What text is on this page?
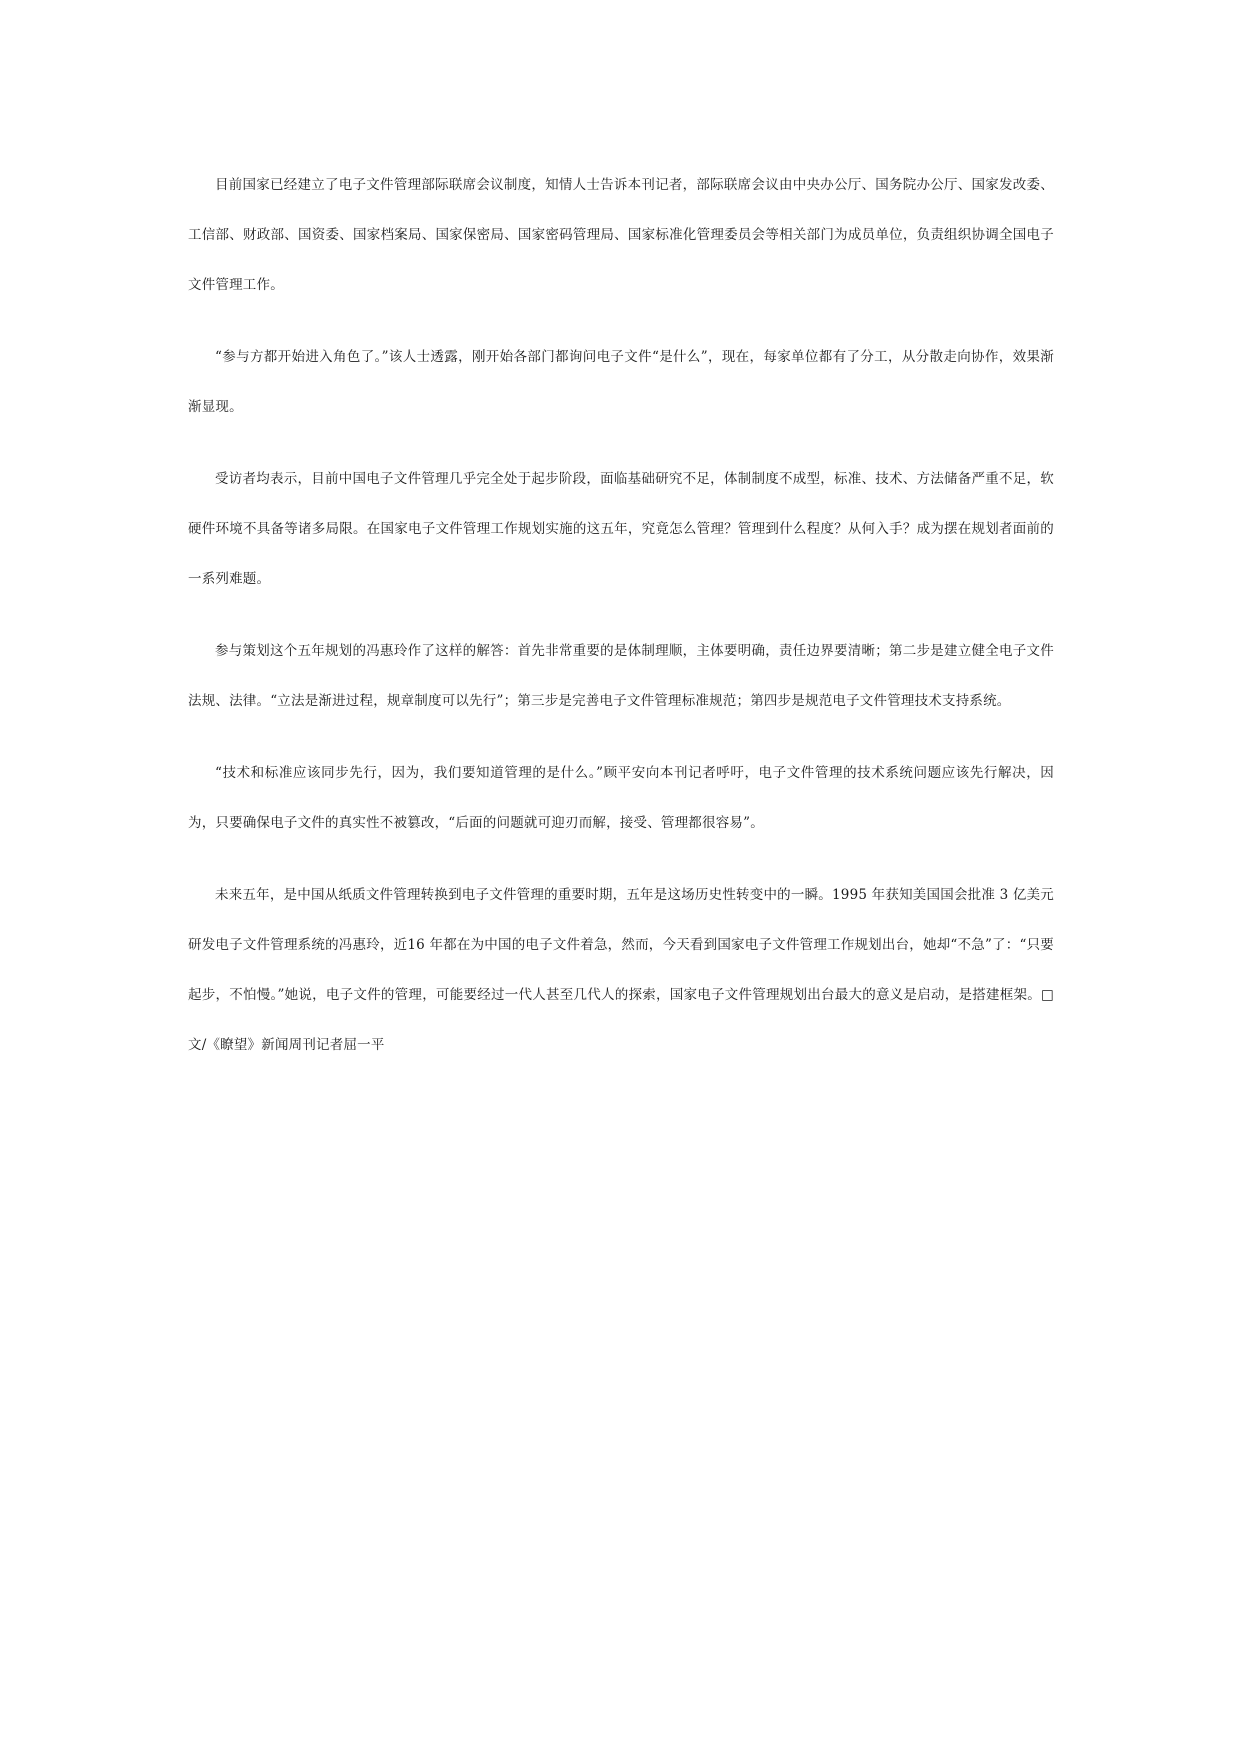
目前国家已经建立了电子文件管理部际联席会议制度，知情人士告诉本刊记者，部际联席会议由中央办公厅、国务院办公厅、国家发改委、工信部、财政部、国资委、国家档案局、国家保密局、国家密码管理局、国家标准化管理委员会等相关部门为成员单位，负责组织协调全国电子文件管理工作。

“参与方都开始进入角色了。”该人士透露，刚开始各部门都询问电子文件“是什么”，现在，每家单位都有了分工，从分散走向协作，效果渐渐显现。

受访者均表示，目前中国电子文件管理几乎完全处于起步阶段，面临基础研究不足，体制制度不成型，标准、技术、方法储备严重不足，软硬件环境不具备等诸多局限。在国家电子文件管理工作规划实施的这五年，究竟怎么管理？管理到什么程度？从何入手？成为摆在规划者面前的一系列难题。

参与策划这个五年规划的冯惠玲作了这样的解答：首先非常重要的是体制理顺，主体要明确，责任边界要清晰；第二步是建立健全电子文件法规、法律。“立法是渐进过程，规章制度可以先行”；第三步是完善电子文件管理标准规范；第四步是规范电子文件管理技术支持系统。

“技术和标准应该同步先行，因为，我们要知道管理的是什么。”顾平安向本刊记者呼吁，电子文件管理的技术系统问题应该先行解决，因为，只要确保电子文件的真实性不被篡改，“后面的问题就可迎刃而解，接受、管理都很容易”。

未来五年，是中国从纸质文件管理转换到电子文件管理的重要时期，五年是这场历史性转变中的一瞬。1995 年获知美国国会批准 3 亿美元研发电子文件管理系统的冯惠玲，近16 年都在为中国的电子文件着急，然而，今天看到国家电子文件管理工作规划出台，她却“不急”了：“只要起步，不怕慢。”她说，电子文件的管理，可能要经过一代人甚至几代人的探索，国家电子文件管理规划出台最大的意义是启动，是搭建框架。□文/《瞭望》新闻周刊记者屈一平
